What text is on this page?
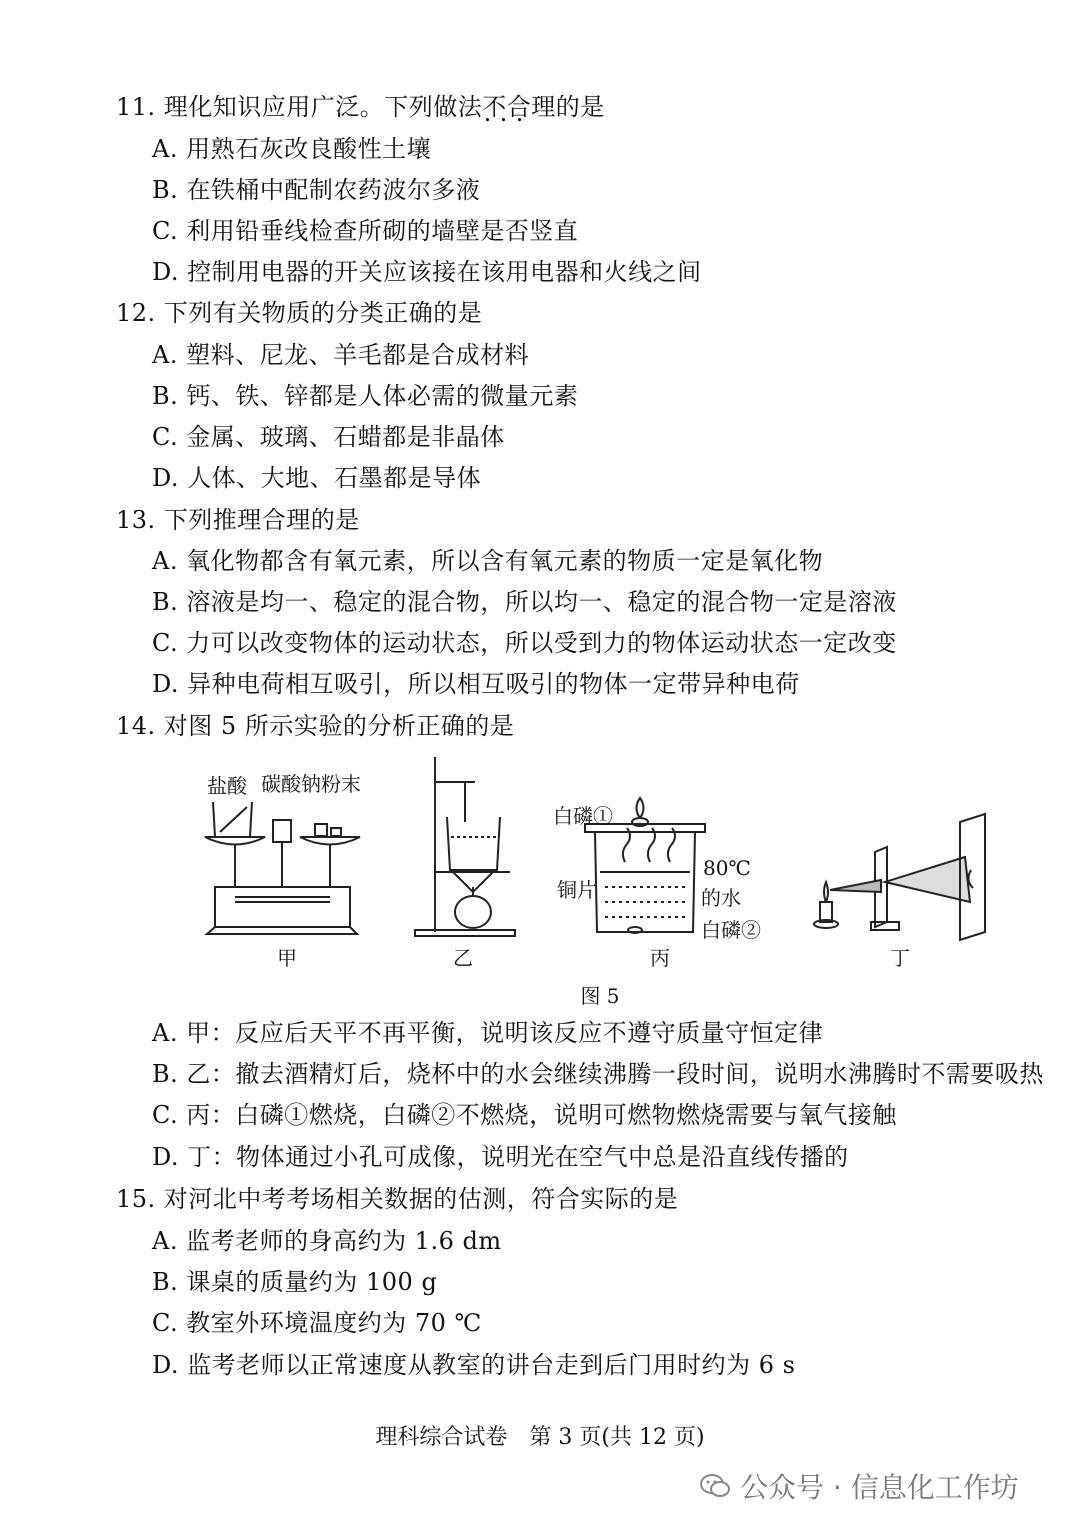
11. 理化知识应用广泛。下列做法不合理 • • •的是
A. 用熟石灰改良酸性土壤
B. 在铁桶中配制农药波尔多液
C. 利用铅垂线检查所砌的墙壁是否竖直
D. 控制用电器的开关应该接在该用电器和火线之间
12. 下列有关物质的分类正确的是
A. 塑料、尼龙、羊毛都是合成材料
B. 钙、铁、锌都是人体必需的微量元素
C. 金属、玻璃、石蜡都是非晶体
D. 人体、大地、石墨都是导体
13. 下列推理合理的是
A. 氧化物都含有氧元素，所以含有氧元素的物质一定是氧化物
B. 溶液是均一、稳定的混合物，所以均一、稳定的混合物一定是溶液
C. 力可以改变物体的运动状态，所以受到力的物体运动状态一定改变
D. 异种电荷相互吸引，所以相互吸引的物体一定带异种电荷
14. 对图 5 所示实验的分析正确的是
盐酸 碳酸钠粉末
白磷①
铜片
80℃
的水
白磷②
甲	乙	丙	丁
图 5
A. 甲：反应后天平不再平衡，说明该反应不遵守质量守恒定律
B. 乙：撤去酒精灯后，烧杯中的水会继续沸腾一段时间，说明水沸腾时不需要吸热
C. 丙：白磷①燃烧，白磷②不燃烧，说明可燃物燃烧需要与氧气接触
D. 丁：物体通过小孔可成像，说明光在空气中总是沿直线传播的
15. 对河北中考考场相关数据的估测，符合实际的是
A. 监考老师的身高约为 1.6 dm
B. 课桌的质量约为 100 g
C. 教室外环境温度约为 70 ℃
D. 监考老师以正常速度从教室的讲台走到后门用时约为 6 s
理科综合试卷　第 3 页(共 12 页)
公众号 · 信息化工作坊
